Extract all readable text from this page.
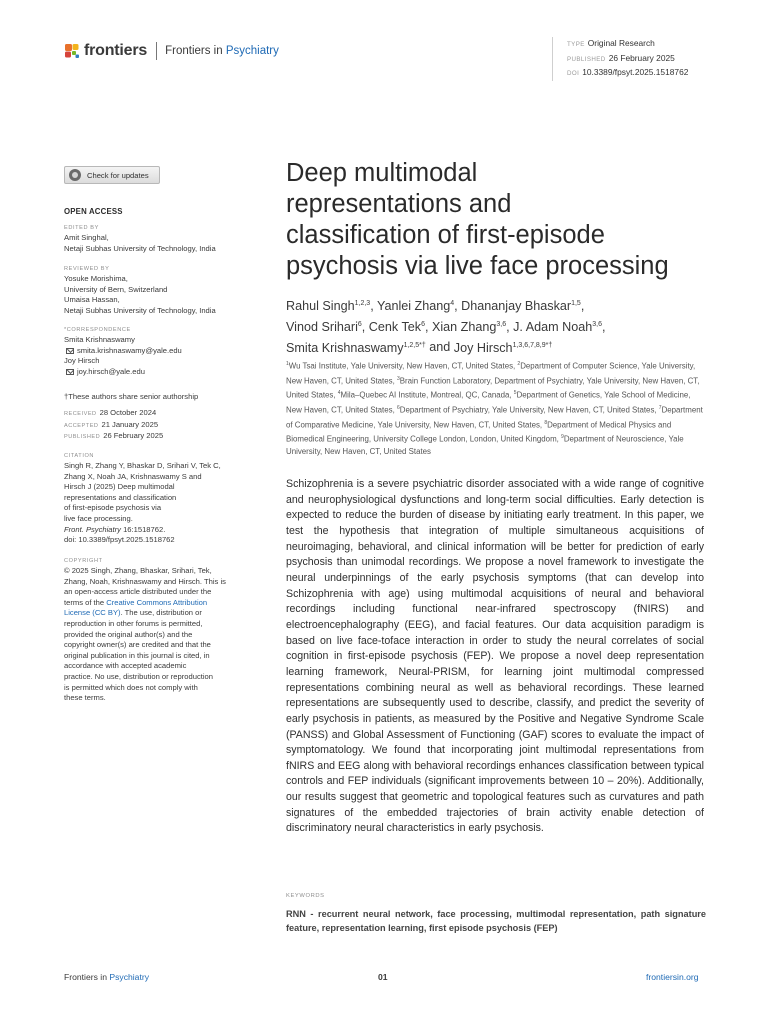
frontiers Frontiers in Psychiatry
TYPE Original Research
PUBLISHED 26 February 2025
DOI 10.3389/fpsyt.2025.1518762
Check for updates
OPEN ACCESS
EDITED BY
Amit Singhal,
Netaji Subhas University of Technology, India
REVIEWED BY
Yosuke Morishima,
University of Bern, Switzerland
Umaisa Hassan,
Netaji Subhas University of Technology, India
*CORRESPONDENCE
Smita Krishnaswamy
smita.krishnaswamy@yale.edu
Joy Hirsch
joy.hirsch@yale.edu
†These authors share senior authorship
RECEIVED 28 October 2024
ACCEPTED 21 January 2025
PUBLISHED 26 February 2025
CITATION
Singh R, Zhang Y, Bhaskar D, Srihari V, Tek C,
Zhang X, Noah JA, Krishnaswamy S and
Hirsch J (2025) Deep multimodal
representations and classification
of first-episode psychosis via
live face processing.
Front. Psychiatry 16:1518762.
doi: 10.3389/fpsyt.2025.1518762
COPYRIGHT
© 2025 Singh, Zhang, Bhaskar, Srihari, Tek,
Zhang, Noah, Krishnaswamy and Hirsch. This is
an open-access article distributed under the
terms of the Creative Commons Attribution
License (CC BY). The use, distribution or
reproduction in other forums is permitted,
provided the original author(s) and the
copyright owner(s) are credited and that the
original publication in this journal is cited, in
accordance with accepted academic
practice. No use, distribution or reproduction
is permitted which does not comply with
these terms.
Deep multimodal
representations and
classification of first-episode
psychosis via live face processing
Rahul Singh$^{1,2,3}$, Yanlei Zhang$^4$, Dhananjay Bhaskar$^{1,5}$,
Vinod Srihari$^6$, Cenk Tek$^6$, Xian Zhang$^{3,6}$, J. Adam Noah$^{3,6}$,
Smita Krishnaswamy$^{1,2,5*\dagger}$ and Joy Hirsch$^{1,3,6,7,8,9*\dagger}$
$^1$Wu Tsai Institute, Yale University, New Haven, CT, United States, $^2$Department of Computer Science, Yale University, New Haven, CT, United States, $^3$Brain Function Laboratory, Department of Psychiatry, Yale University, New Haven, CT, United States, $^4$Mila–Quebec AI Institute, Montreal, QC, Canada, $^5$Department of Genetics, Yale School of Medicine, New Haven, CT, United States, $^6$Department of Psychiatry, Yale University, New Haven, CT, United States, $^7$Department of Comparative Medicine, Yale University, New Haven, CT, United States, $^8$Department of Medical Physics and Biomedical Engineering, University College London, London, United Kingdom, $^9$Department of Neuroscience, Yale University, New Haven, CT, United States
Schizophrenia is a severe psychiatric disorder associated with a wide range of cognitive and neurophysiological dysfunctions and long-term social difficulties. Early detection is expected to reduce the burden of disease by initiating early treatment. In this paper, we test the hypothesis that integration of multiple simultaneous acquisitions of neuroimaging, behavioral, and clinical information will be better for prediction of early psychosis than unimodal recordings. We propose a novel framework to investigate the neural underpinnings of the early psychosis symptoms (that can develop into Schizophrenia with age) using multimodal acquisitions of neural and behavioral recordings including functional near-infrared spectroscopy (fNIRS) and electroencephalography (EEG), and facial features. Our data acquisition paradigm is based on live face-toface interaction in order to study the neural correlates of social cognition in first-episode psychosis (FEP). We propose a novel deep representation learning framework, Neural-PRISM, for learning joint multimodal compressed representations combining neural as well as behavioral recordings. These learned representations are subsequently used to describe, classify, and predict the severity of early psychosis in patients, as measured by the Positive and Negative Syndrome Scale (PANSS) and Global Assessment of Functioning (GAF) scores to evaluate the impact of symptomatology. We found that incorporating joint multimodal representations from fNIRS and EEG along with behavioral recordings enhances classification between typical controls and FEP individuals (significant improvements between 10 – 20%). Additionally, our results suggest that geometric and topological features such as curvatures and path signatures of the embedded trajectories of brain activity enable detection of discriminatory neural characteristics in early psychosis.
KEYWORDS
RNN - recurrent neural network, face processing, multimodal representation, path signature feature, representation learning, first episode psychosis (FEP)
Frontiers in Psychiatry	01	frontiersin.org
